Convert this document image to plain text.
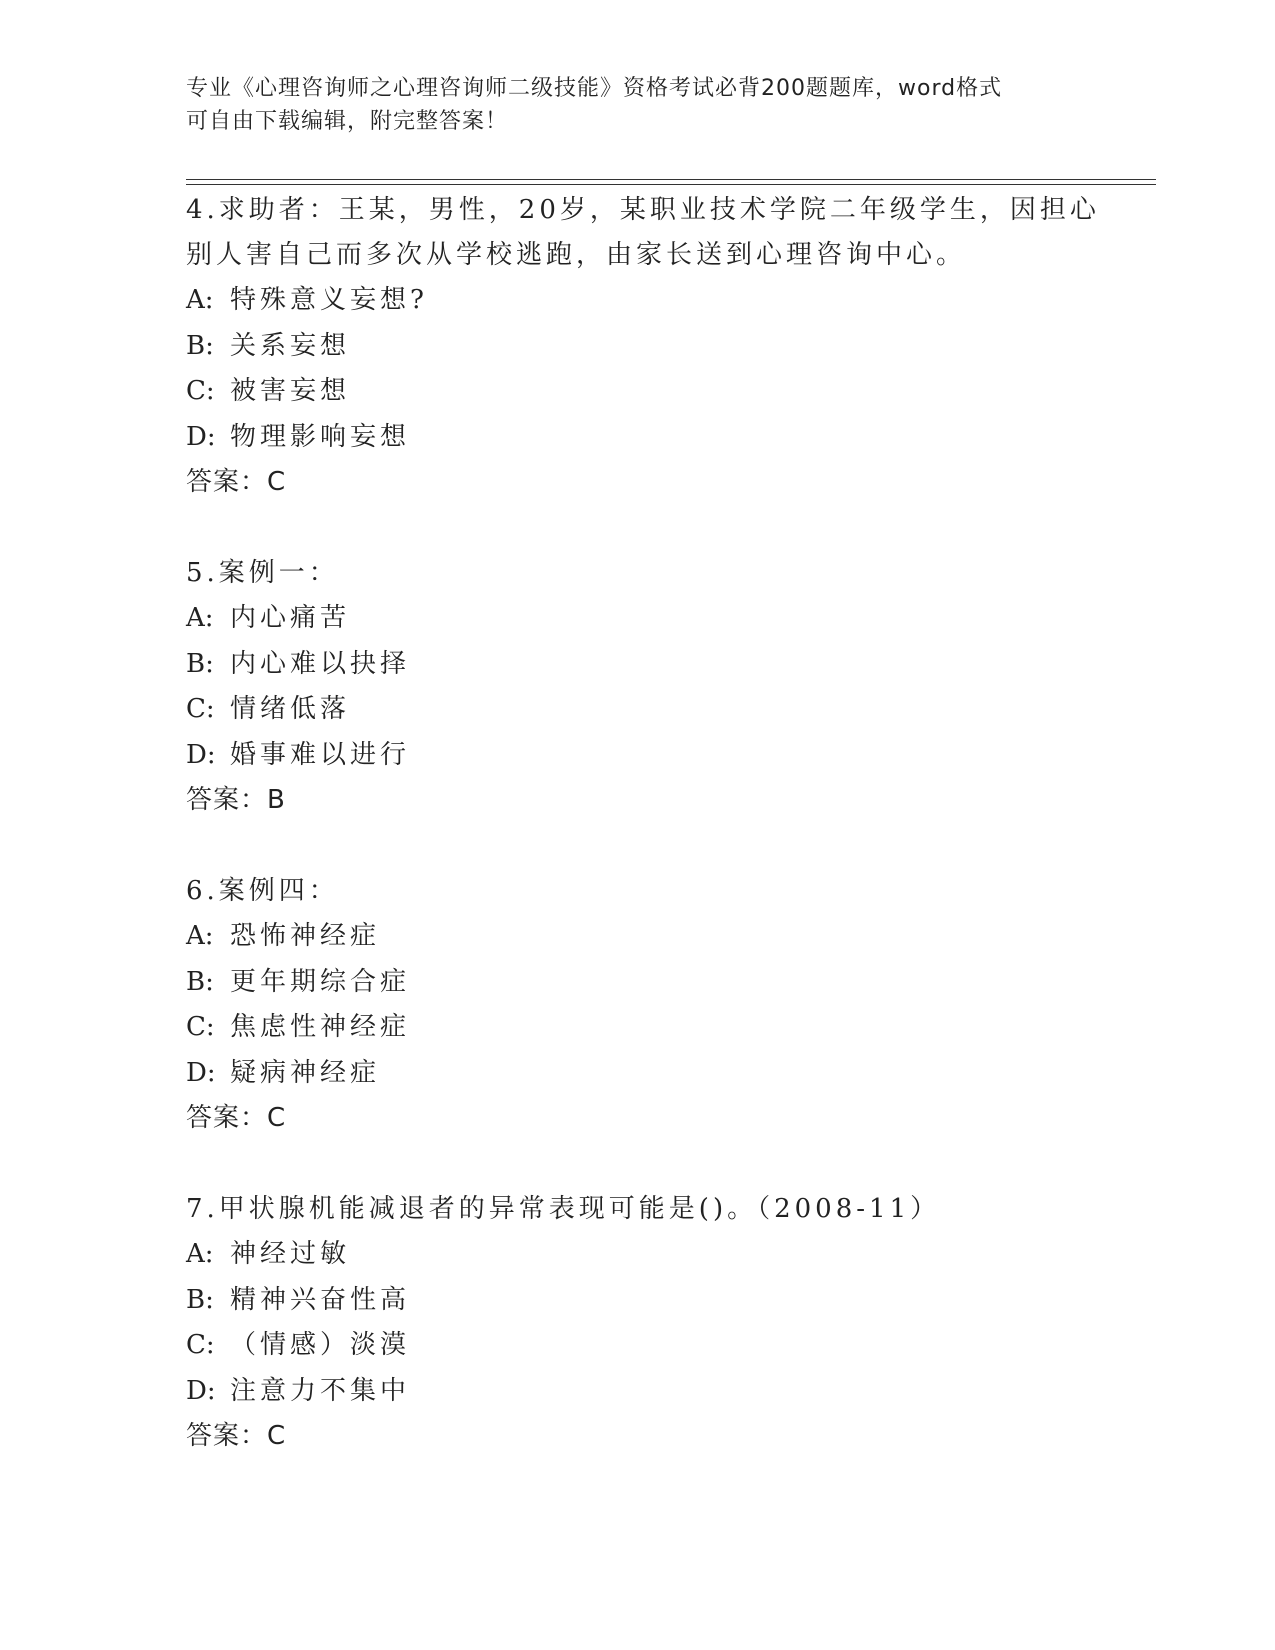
专业《心理咨询师之心理咨询师二级技能》资格考试必背200题题库，word格式
可自由下载编辑，附完整答案！
4.求助者：王某，男性，20岁，某职业技术学院二年级学生，因担心
别人害自己而多次从学校逃跑，由家长送到心理咨询中心。
A: 特殊意义妄想?
B: 关系妄想
C: 被害妄想
D: 物理影响妄想
答案：C
5.案例一：
A: 内心痛苦
B: 内心难以抉择
C: 情绪低落
D: 婚事难以进行
答案：B
6.案例四：
A: 恐怖神经症
B: 更年期综合症
C: 焦虑性神经症
D: 疑病神经症
答案：C
7.甲状腺机能减退者的异常表现可能是()。（2008-11）
A: 神经过敏
B: 精神兴奋性高
C: （情感）淡漠
D: 注意力不集中
答案：C
